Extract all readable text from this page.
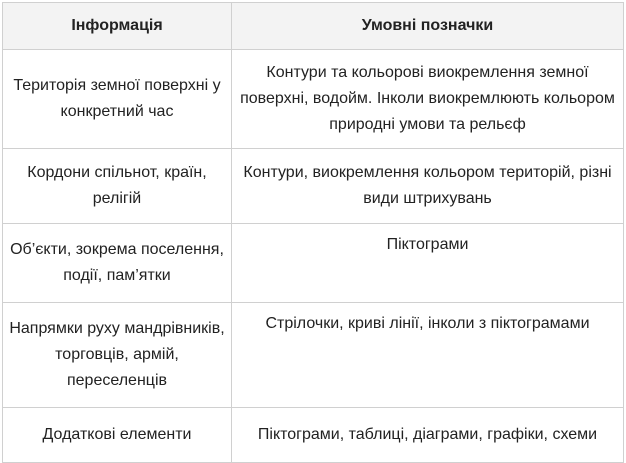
Інформація	Умовні позначки
Територія земної поверхні у конкретний час	Контури та кольорові виокремлення земної поверхні, водойм. Інколи виокремлюють кольором природні умови та рельєф
Кордони спільнот, країн, релігій	Контури, виокремлення кольором територій, різні види штрихувань
Об’єкти, зокрема поселення, події, пам’ятки	Піктограми
Напрямки руху мандрівників, торговців, армій, переселенців	Стрілочки, криві лінії, інколи з піктограмами
Додаткові елементи	Піктограми, таблиці, діаграми, графіки, схеми
